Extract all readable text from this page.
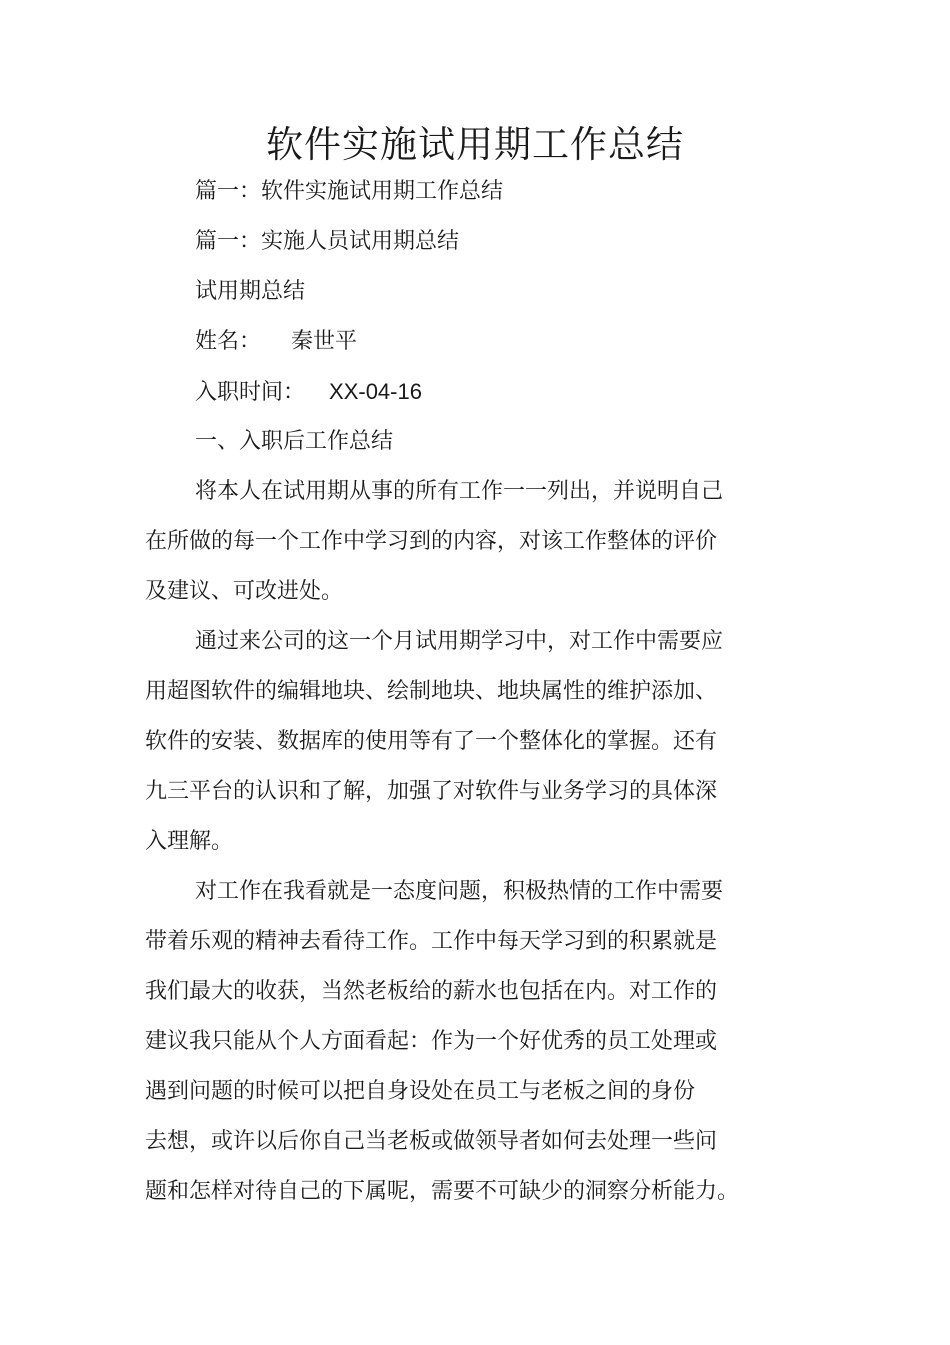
软件实施试用期工作总结
篇一：软件实施试用期工作总结
篇一：实施人员试用期总结
试用期总结
姓名： 秦世平
入职时间： XX-04-16
一、入职后工作总结
将本人在试用期从事的所有工作一一列出，并说明自己
在所做的每一个工作中学习到的内容，对该工作整体的评价
及建议、可改进处。
通过来公司的这一个月试用期学习中，对工作中需要应
用超图软件的编辑地块、绘制地块、地块属性的维护添加、
软件的安装、数据库的使用等有了一个整体化的掌握。还有
九三平台的认识和了解，加强了对软件与业务学习的具体深
入理解。
对工作在我看就是一态度问题，积极热情的工作中需要
带着乐观的精神去看待工作。工作中每天学习到的积累就是
我们最大的收获，当然老板给的薪水也包括在内。对工作的
建议我只能从个人方面看起：作为一个好优秀的员工处理或
遇到问题的时候可以把自身设处在员工与老板之间的身份
去想，或许以后你自己当老板或做领导者如何去处理一些问
题和怎样对待自己的下属呢，需要不可缺少的洞察分析能力。
